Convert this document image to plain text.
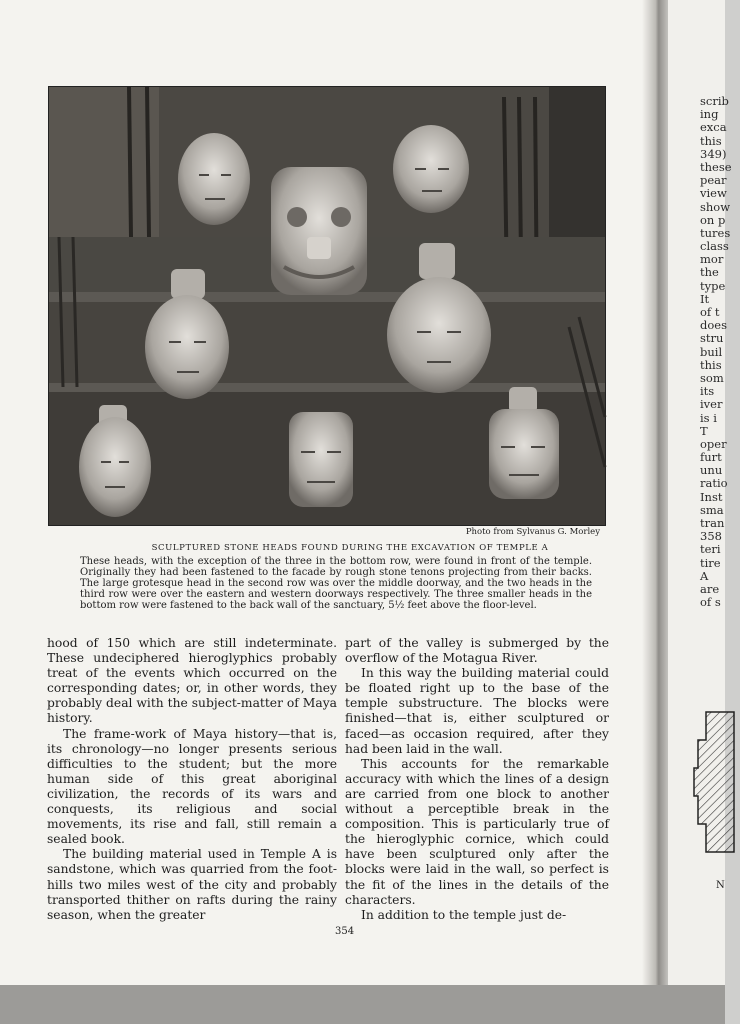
Photo from Sylvanus G. Morley
SCULPTURED STONE HEADS FOUND DURING THE EXCAVATION OF TEMPLE A
These heads, with the exception of the three in the bottom row, were found in front of the temple. Originally they had been fastened to the facade by rough stone tenons projecting from their backs. The large grotesque head in the second row was over the middle doorway, and the two heads in the third row were over the eastern and western doorways respectively. The three smaller heads in the bottom row were fastened to the back wall of the sanctuary, 5½ feet above the floor-level.

hood of 150 which are still indeterminate. These undeciphered hieroglyphics probably treat of the events which occurred on the corresponding dates; or, in other words, they probably deal with the subject-matter of Maya history.

The frame-work of Maya history—that is, its chronology—no longer presents serious difficulties to the student; but the more human side of this great aboriginal civilization, the records of its wars and conquests, its religious and social movements, its rise and fall, still remain a sealed book.

The building material used in Temple A is sandstone, which was quarried from the foot-hills two miles west of the city and probably transported thither on rafts during the rainy season, when the greater

part of the valley is submerged by the overflow of the Motagua River.

In this way the building material could be floated right up to the base of the temple substructure. The blocks were finished—that is, either sculptured or faced—as occasion required, after they had been laid in the wall.

This accounts for the remarkable accuracy with which the lines of a design are carried from one block to another without a perceptible break in the composition. This is particularly true of the hieroglyphic cornice, which could have been sculptured only after the blocks were laid in the wall, so perfect is the fit of the lines in the details of the characters.

In addition to the temple just de-

354
scrib
ing
exca
this
349)
these
pear
view
show
on p
tures
class
mor
the
type
It
of t
does
stru
buil
this
som
its
iver
is i
T
oper
furt
unu
ratio
Inst
sma
tran
358
teri
tire
A
are
of s
N
